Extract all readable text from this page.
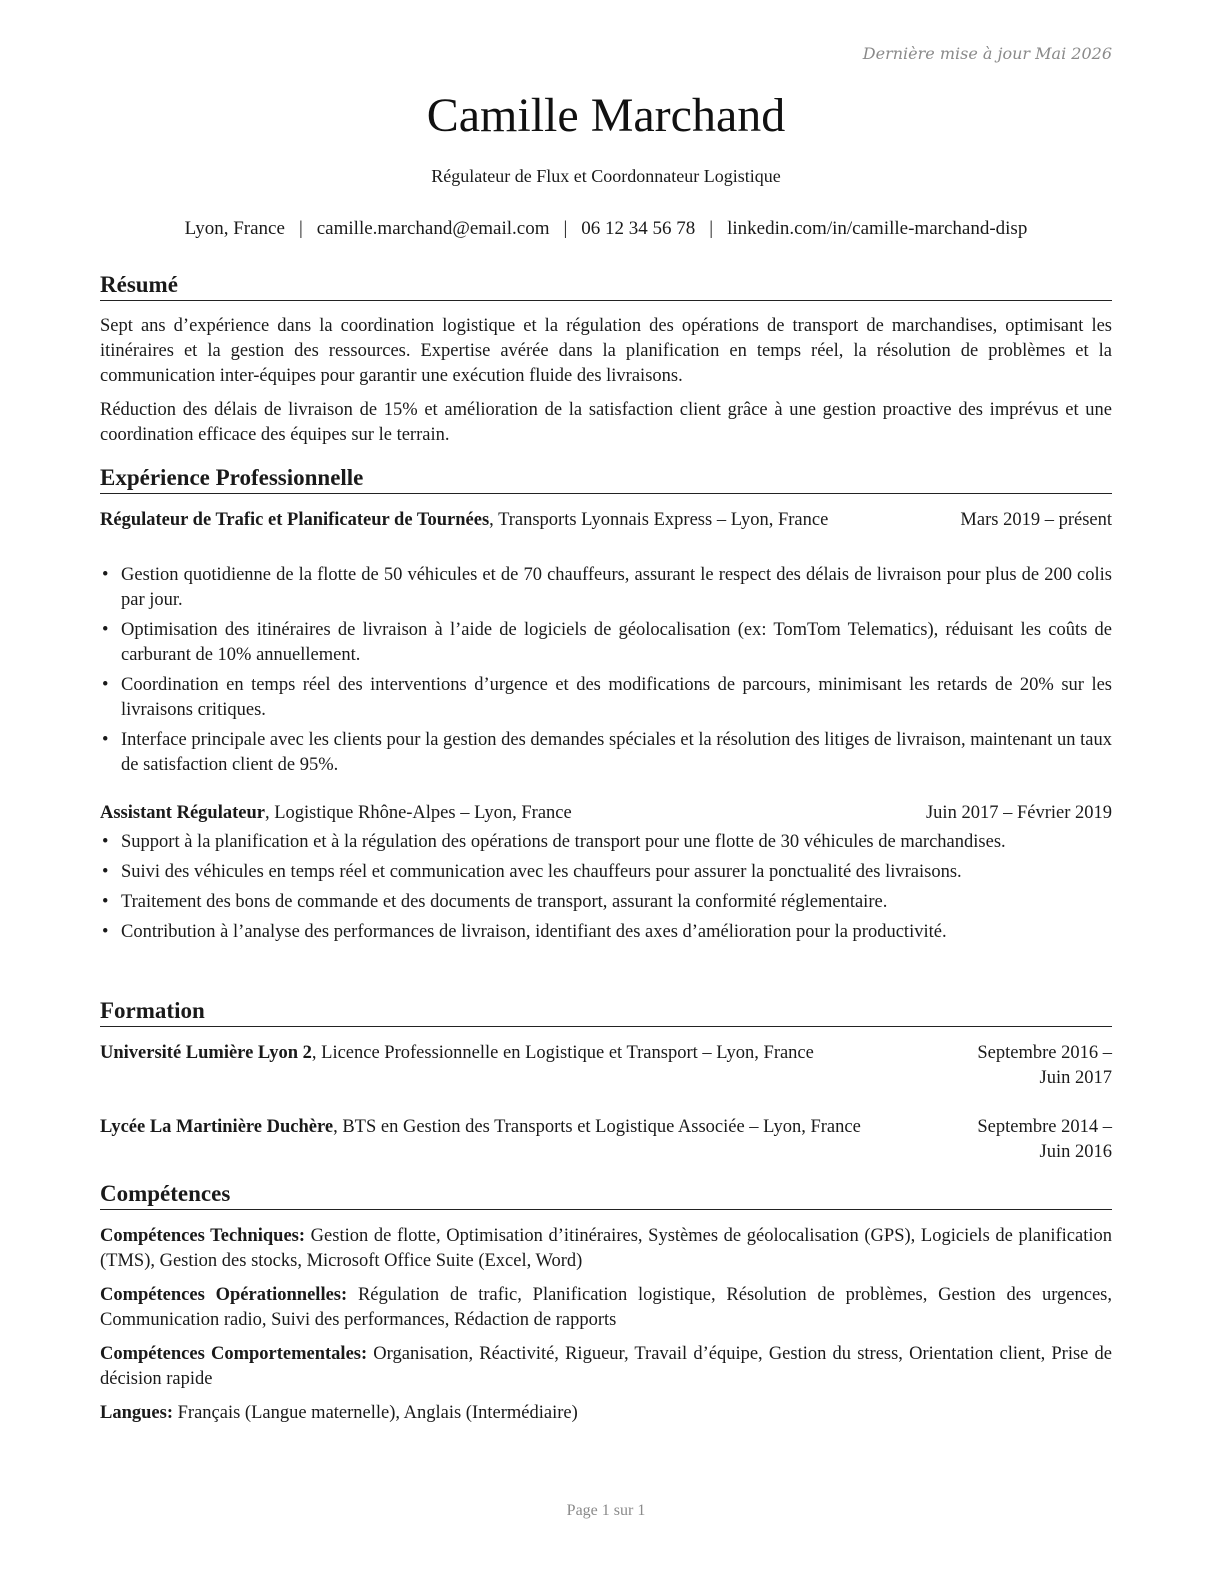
Dernière mise à jour Mai 2026
Camille Marchand
Régulateur de Flux et Coordonnateur Logistique
Lyon, France | camille.marchand@email.com | 06 12 34 56 78 | linkedin.com/in/camille-marchand-disp
Résumé
Sept ans d’expérience dans la coordination logistique et la régulation des opérations de transport de marchandises, optimisant les itinéraires et la gestion des ressources. Expertise avérée dans la planification en temps réel, la résolution de problèmes et la communication inter-équipes pour garantir une exécution fluide des livraisons.
Réduction des délais de livraison de 15% et amélioration de la satisfaction client grâce à une gestion proactive des imprévus et une coordination efficace des équipes sur le terrain.
Expérience Professionnelle
Régulateur de Trafic et Planificateur de Tournées, Transports Lyonnais Express – Lyon, France	Mars 2019 – présent
• Gestion quotidienne de la flotte de 50 véhicules et de 70 chauffeurs, assurant le respect des délais de livraison pour plus de 200 colis par jour.
• Optimisation des itinéraires de livraison à l’aide de logiciels de géolocalisation (ex: TomTom Telematics), réduisant les coûts de carburant de 10% annuellement.
• Coordination en temps réel des interventions d’urgence et des modifications de parcours, minimisant les retards de 20% sur les livraisons critiques.
• Interface principale avec les clients pour la gestion des demandes spéciales et la résolution des litiges de livraison, maintenant un taux de satisfaction client de 95%.
Assistant Régulateur, Logistique Rhône-Alpes – Lyon, France	Juin 2017 – Février 2019
• Support à la planification et à la régulation des opérations de transport pour une flotte de 30 véhicules de marchandises.
• Suivi des véhicules en temps réel et communication avec les chauffeurs pour assurer la ponctualité des livraisons.
• Traitement des bons de commande et des documents de transport, assurant la conformité réglementaire.
• Contribution à l’analyse des performances de livraison, identifiant des axes d’amélioration pour la productivité.
Formation
Université Lumière Lyon 2, Licence Professionnelle en Logistique et Transport – Lyon, France	Septembre 2016 – Juin 2017
Lycée La Martinière Duchère, BTS en Gestion des Transports et Logistique Associée – Lyon, France	Septembre 2014 – Juin 2016
Compétences
Compétences Techniques: Gestion de flotte, Optimisation d’itinéraires, Systèmes de géolocalisation (GPS), Logiciels de planification (TMS), Gestion des stocks, Microsoft Office Suite (Excel, Word)
Compétences Opérationnelles: Régulation de trafic, Planification logistique, Résolution de problèmes, Gestion des urgences, Communication radio, Suivi des performances, Rédaction de rapports
Compétences Comportementales: Organisation, Réactivité, Rigueur, Travail d’équipe, Gestion du stress, Orientation client, Prise de décision rapide
Langues: Français (Langue maternelle), Anglais (Intermédiaire)
Page 1 sur 1
